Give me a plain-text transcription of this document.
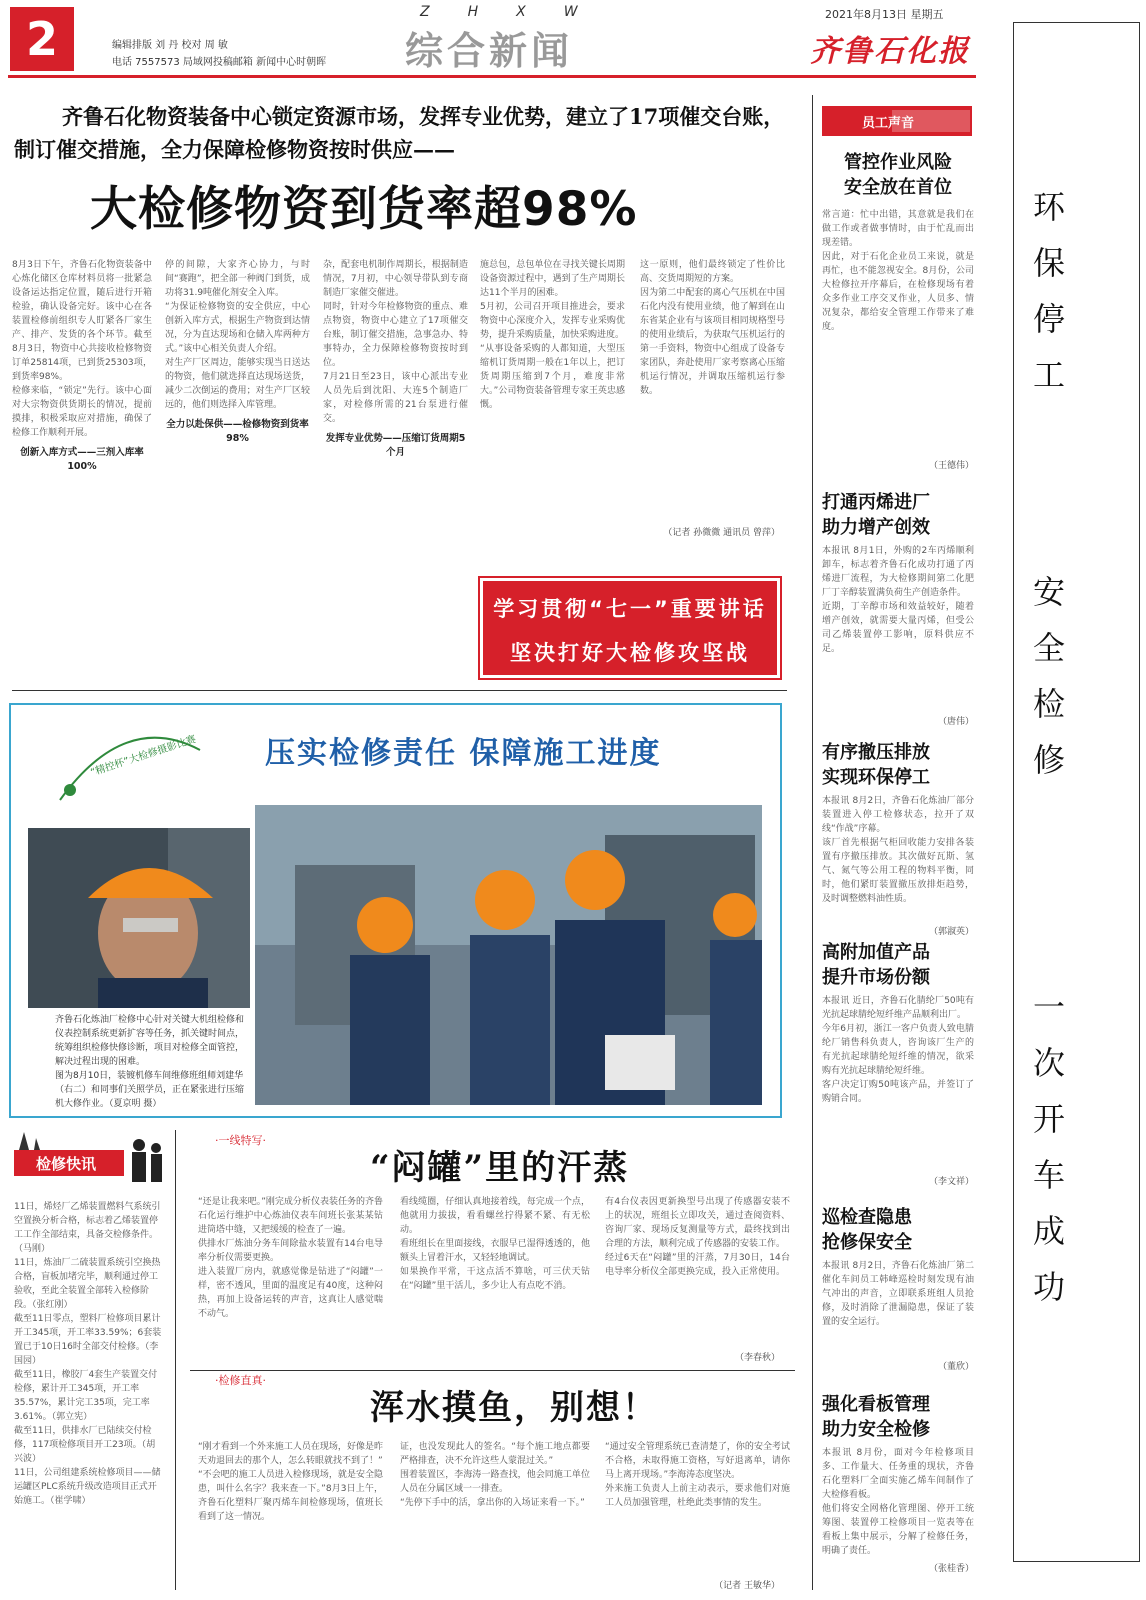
2	编辑排版 刘 丹 校对 周 敏
电话 7557573 局域网投稿邮箱 新闻中心时朝晖
ZHXW
综合新闻
2021年8月13日 星期五
齐鲁石化报
齐鲁石化物资装备中心锁定资源市场，发挥专业优势，建立了17项催交台账，制订催交措施，全力保障检修物资按时供应——
大检修物资到货率超98%
8月3日下午，齐鲁石化物资装备中心炼化储区仓库材料员将一批紧急设备运达指定位置，随后进行开箱检验，确认设备完好。该中心在各装置检修前组织专人盯紧各厂家生产、排产、发货的各个环节。截至8月3日，物资中心共接收检修物资订单25814项，已到货25303项，到货率98%。
检修来临，“锁定”先行。该中心面对大宗物资供货期长的情况，提前摸排，积极采取应对措施，确保了检修工作顺利开展。
创新入库方式——三剂入库率100%
停的间隙，大家齐心协力，与时间“赛跑”，把全部一种阀门到货，成功将31.9吨催化剂安全入库。
“为保证检修物资的安全供应，中心创新入库方式，根据生产物资到达情况，分为直达现场和仓储入库两种方式。”该中心相关负责人介绍。
对生产厂区周边，能够实现当日送达的物资，他们就选择直达现场送货，减少二次倒运的费用；对生产厂区较远的，他们则选择入库管理。
全力以赴保供——检修物资到货率98%
杂，配套电机制作周期长，根据制造情况，7月初，中心领导带队到专商制造厂家催交催进。
同时，针对今年检修物资的重点、难点物资，物资中心建立了17项催交台账，制订催交措施，急事急办、特事特办，全力保障检修物资按时到位。
7月21日至23日，该中心派出专业人员先后到沈阳、大连5个制造厂家，对检修所需的21台泵进行催交。
发挥专业优势——压缩订货周期5个月
施总包，总包单位在寻找关键长周期设备资源过程中，遇到了生产周期长达11个半月的困难。
5月初，公司召开项目推进会，要求物资中心深度介入，发挥专业采购优势，提升采购质量，加快采购进度。
“从事设备采购的人都知道，大型压缩机订货周期一般在1年以上，把订货周期压缩到7个月，难度非常大。”公司物资装备管理专家王英忠感慨。
这一原则，他们最终锁定了性价比高、交货周期短的方案。
因为第二中配套的离心气压机在中国石化内没有使用业绩，他了解到在山东省某企业有与该项目相同规格型号的使用业绩后，为获取气压机运行的第一手资料，物资中心组成了设备专家团队，奔赴使用厂家考察离心压缩机运行情况，并调取压缩机运行参数。
（记者 孙微微 通讯员 曾萍）
学习贯彻“七一”重要讲话
坚决打好大检修攻坚战
“精控杯”大检修摄影比赛 压实检修责任 保障施工进度
齐鲁石化炼油厂检修中心针对关键大机组检修和仪表控制系统更新扩容等任务，抓关键时间点，统筹组织检修快修诊断，项目对检修全面管控，解决过程出现的困难。
图为8月10日，装镀机修车间维修班组师刘建华（右二）和同事们关照学员，正在紧张进行压缩机大修作业。（夏京明 摄）
员工声音
管控作业风险
安全放在首位
常言道：忙中出错，其意就是我们在做工作或者做事情时，由于忙乱而出现差错。
因此，对于石化企业员工来说，就是再忙，也不能忽视安全。8月份，公司大检修拉开序幕后，在检修现场有着众多作业工序交叉作业，人员多、情况复杂，都给安全管理工作带来了难度。
（王德伟）
打通丙烯进厂
助力增产创效
本报讯 8月1日，外购的2车丙烯顺利卸车，标志着齐鲁石化成功打通了丙烯进厂流程，为大检修期间第二化肥厂丁辛醇装置满负荷生产创造条件。
近期，丁辛醇市场和效益较好，随着增产创效，就需要大量丙烯，但受公司乙烯装置停工影响，原料供应不足。
（唐伟）
有序撤压排放
实现环保停工
本报讯 8月2日，齐鲁石化炼油厂部分装置进入停工检修状态，拉开了双线“作战”序幕。
该厂首先根据气柜回收能力安排各装置有序撤压排放。其次做好瓦斯、氢气、氮气等公用工程的物料平衡，同时，他们紧盯装置撤压放排炬趋势，及时调整燃料油性质。
（郭淑英）
高附加值产品
提升市场份额
本报讯 近日，齐鲁石化腈纶厂50吨有光抗起球腈纶短纤维产品顺利出厂。
今年6月初，浙江一客户负责人致电腈纶厂销售科负责人，咨询该厂生产的有光抗起球腈纶短纤维的情况，欲采购有光抗起球腈纶短纤维。
客户决定订购50吨该产品，并签订了购销合同。
（李文祥）
巡检查隐患
抢修保安全
本报讯 8月2日，齐鲁石化炼油厂第二催化车间员工韩峰巡检时刻发现有油气冲出的声音，立即联系班组人员抢修，及时消除了泄漏隐患，保证了装置的安全运行。
（董欣）
强化看板管理
助力安全检修
本报讯 8月份，面对今年检修项目多、工作量大、任务重的现状，齐鲁石化塑料厂全面实施乙烯车间制作了大检修看板。
他们将安全网格化管理图、停开工统筹图、装置停工检修项目一览表等在看板上集中展示，分解了检修任务，明确了责任。
（张桂香）
环保停工
安全检修
一次开车成功
检修快讯
11日，烯烃厂乙烯装置燃料气系统引空置换分析合格，标志着乙烯装置停工工作全部结束，具备交检修条件。（马刚）
11日，炼油厂二硫装置系统引空换热合格，盲板加堵完毕，顺利通过停工验收，至此全装置全部转入检修阶段。（张红刚）
截至11日零点，塑料厂检修项目累计开工345项，开工率33.59%；6套装置已于10日16时全部交付检修。（李国园）
截至11日，橡胶厂4套生产装置交付检修，累计开工345项，开工率35.57%，累计完工35项，完工率3.61%。（郭立宪）
截至11日，供排水厂已陆续交付检修，117项检修项目开工23项。（胡兴波）
11日，公司组建系统检修项目——储运罐区PLC系统升级改造项目正式开始施工。（崔学啸）
·一线特写·
“闷罐”里的汗蒸
“还是让我来吧。”刚完成分析仪表装任务的齐鲁石化运行维护中心炼油仪表车间班长张某某钻进筒塔中缝，又把缓缓的检查了一遍。
供排水厂炼油分务车间除盐水装置有14台电导率分析仪需要更换。
进入装置厂房内，就感觉像是钻进了“闷罐”一样，密不透风，里面的温度足有40度，这种闷热，再加上设备运转的声音，这真让人感觉喘不动气。
看线缆圈，仔细认真地接着线，每完成一个点，他就用力拔拔，看看螺丝拧得紧不紧、有无松动。
看班组长在里面接线，衣服早已湿得透透的，他额头上冒着汗水，又轻轻地调试。
如果换作平常，干这点活不算啥，可三伏天钻在“闷罐”里干活儿，多少让人有点吃不消。
有4台仪表因更新换型号出现了传感器安装不上的状况，班组长立即攻关，通过查阅资料、咨询厂家、现场反复测量等方式，最终找到出合理的方法，顺利完成了传感器的安装工作。
经过6天在“闷罐”里的汗蒸，7月30日，14台电导率分析仪全部更换完成，投入正常使用。
（李春秋）
·检修直真·
浑水摸鱼，别想！
“刚才看到一个外来施工人员在现场，好像是昨天劝退回去的那个人，怎么转眼就找不到了！”
“不会吧的施工人员进入检修现场，就是安全隐患，叫什么名字？我来查一下。”8月3日上午，齐鲁石化塑料厂聚丙烯车间检修现场，值班长看到了这一情况。
证，也没发现此人的签名。“每个施工地点都要严格排查，决不允许这些人蒙混过关。”
围着装置区，李海涛一路查找，他会同施工单位人员在分属区域一一排查。
“先停下手中的活，拿出你的入场证来看一下。”
“通过安全管理系统已查清楚了，你的安全考试不合格，未取得施工资格，写好退离单，请你马上离开现场。”李海涛态度坚决。
外来施工负责人上前主动表示，要求他们对施工人员加强管理，杜绝此类事情的发生。
（记者 王敏华）
